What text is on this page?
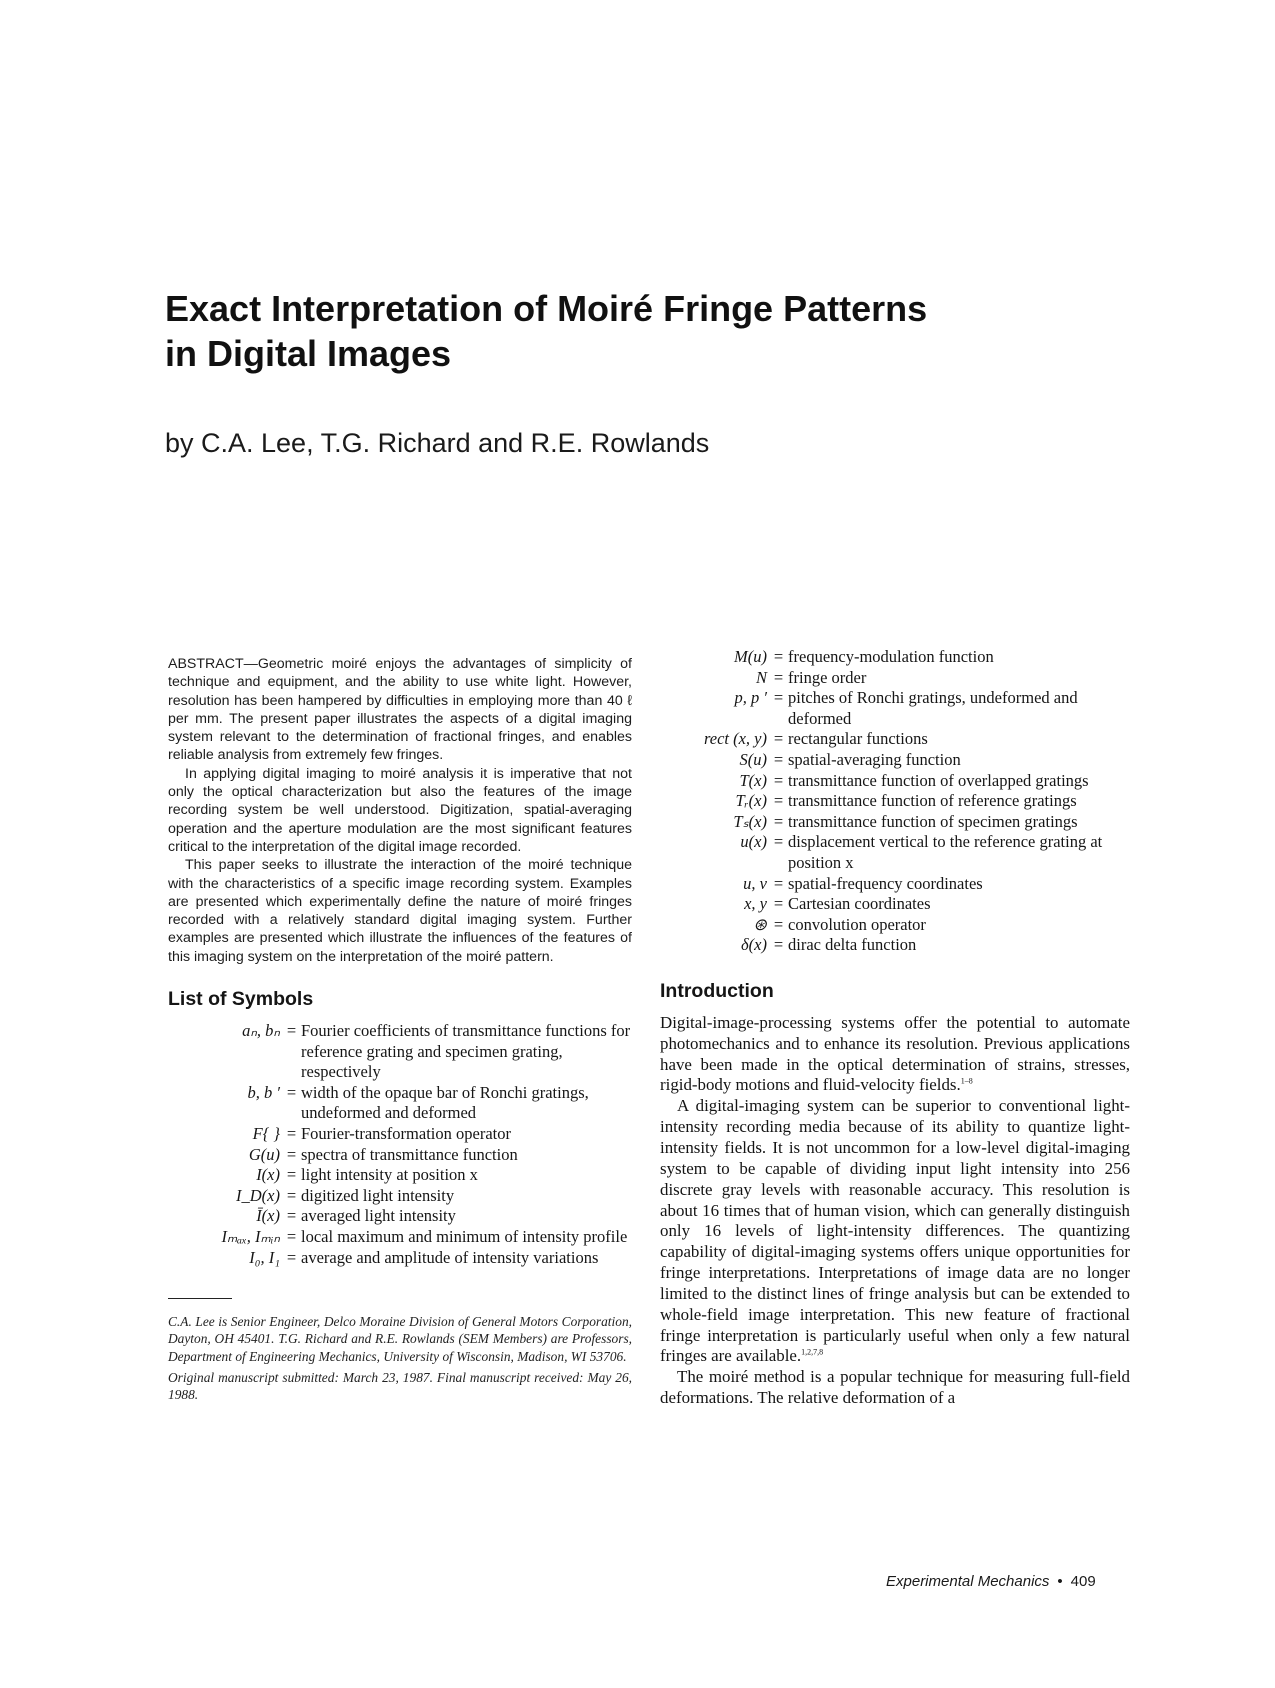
Exact Interpretation of Moiré Fringe Patterns
in Digital Images
by C.A. Lee, T.G. Richard and R.E. Rowlands

ABSTRACT—Geometric moiré enjoys the advantages of simplicity of technique and equipment, and the ability to use white light. However, resolution has been hampered by difficulties in employing more than 40 ℓ per mm. The present paper illustrates the aspects of a digital imaging system relevant to the determination of fractional fringes, and enables reliable analysis from extremely few fringes.

In applying digital imaging to moiré analysis it is imperative that not only the optical characterization but also the features of the image recording system be well understood. Digitization, spatial-averaging operation and the aperture modulation are the most significant features critical to the interpretation of the digital image recorded.

This paper seeks to illustrate the interaction of the moiré technique with the characteristics of a specific image recording system. Examples are presented which experimentally define the nature of moiré fringes recorded with a relatively standard digital imaging system. Further examples are presented which illustrate the influences of the features of this imaging system on the interpretation of the moiré pattern.

List of Symbols
aₙ, bₙ = Fourier coefficients of transmittance functions for reference grating and specimen grating, respectively
b, b ′ = width of the opaque bar of Ronchi gratings, undeformed and deformed
F{ } = Fourier-transformation operator
G(u) = spectra of transmittance function
I(x) = light intensity at position x
I_D(x) = digitized light intensity
Ī(x) = averaged light intensity
Iₘₐₓ, Iₘᵢₙ = local maximum and minimum of intensity profile
I₀, I₁ = average and amplitude of intensity variations

C.A. Lee is Senior Engineer, Delco Moraine Division of General Motors Corporation, Dayton, OH 45401. T.G. Richard and R.E. Rowlands (SEM Members) are Professors, Department of Engineering Mechanics, University of Wisconsin, Madison, WI 53706.

Original manuscript submitted: March 23, 1987. Final manuscript received: May 26, 1988.

M(u) = frequency-modulation function
N = fringe order
p, p ′ = pitches of Ronchi gratings, undeformed and deformed
rect (x, y) = rectangular functions
S(u) = spatial-averaging function
T(x) = transmittance function of overlapped gratings
Tᵣ(x) = transmittance function of reference gratings
Tₛ(x) = transmittance function of specimen gratings
u(x) = displacement vertical to the reference grating at position x
u, v = spatial-frequency coordinates
x, y = Cartesian coordinates
⊛ = convolution operator
δ(x) = dirac delta function
Introduction

Digital-image-processing systems offer the potential to automate photomechanics and to enhance its resolution. Previous applications have been made in the optical determination of strains, stresses, rigid-body motions and fluid-velocity fields.$^{1-8}$

A digital-imaging system can be superior to conventional light-intensity recording media because of its ability to quantize light-intensity fields. It is not uncommon for a low-level digital-imaging system to be capable of dividing input light intensity into 256 discrete gray levels with reasonable accuracy. This resolution is about 16 times that of human vision, which can generally distinguish only 16 levels of light-intensity differences. The quantizing capability of digital-imaging systems offers unique opportunities for fringe interpretations. Interpretations of image data are no longer limited to the distinct lines of fringe analysis but can be extended to whole-field image interpretation. This new feature of fractional fringe interpretation is particularly useful when only a few natural fringes are available.$^{1,2,7,8}$

The moiré method is a popular technique for measuring full-field deformations. The relative deformation of a

Experimental Mechanics • 409
